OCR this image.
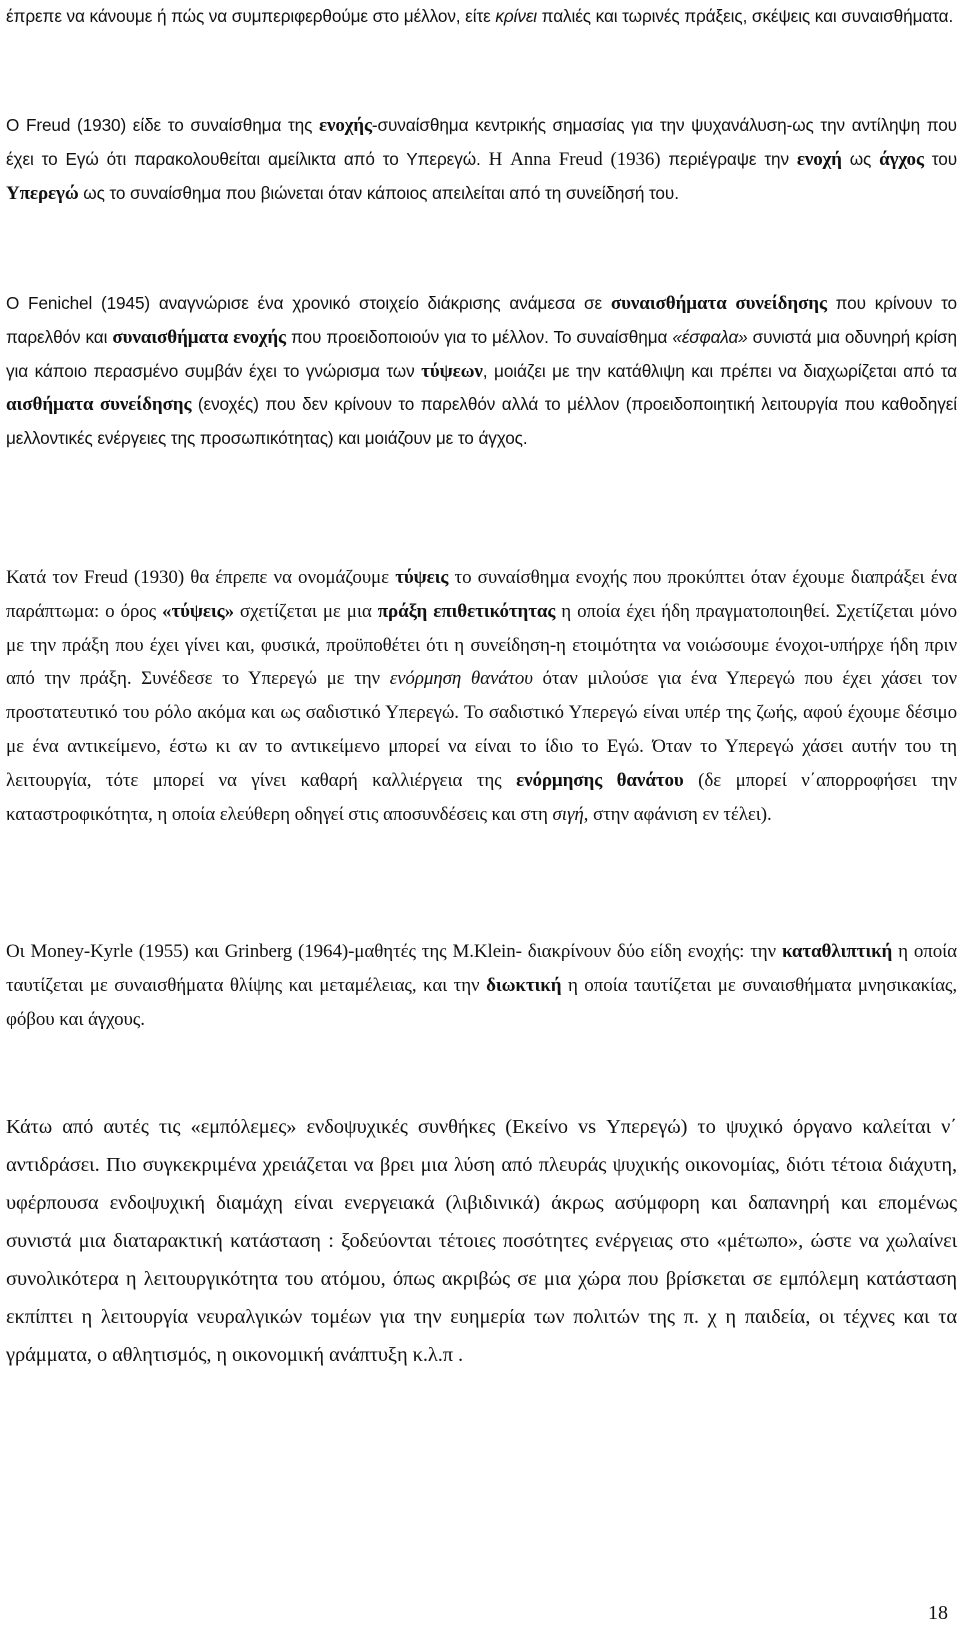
έπρεπε να κάνουμε ή πώς να συμπεριφερθούμε στο μέλλον, είτε κρίνει παλιές και τωρινές πράξεις, σκέψεις και συναισθήματα.

Ο Freud (1930) είδε το συναίσθημα της ενοχής-συναίσθημα κεντρικής σημασίας για την ψυχανάλυση-ως την αντίληψη που έχει το Εγώ ότι παρακολουθείται αμείλικτα από το Υπερεγώ. Η Anna Freud (1936) περιέγραψε την ενοχή ως άγχος του Υπερεγώ ως το συναίσθημα που βιώνεται όταν κάποιος απειλείται από τη συνείδησή του.

Ο Fenichel (1945) αναγνώρισε ένα χρονικό στοιχείο διάκρισης ανάμεσα σε συναισθήματα συνείδησης που κρίνουν το παρελθόν και συναισθήματα ενοχής που προειδοποιούν για το μέλλον. Το συναίσθημα «έσφαλα» συνιστά μια οδυνηρή κρίση για κάποιο περασμένο συμβάν έχει το γνώρισμα των τύψεων, μοιάζει με την κατάθλιψη και πρέπει να διαχωρίζεται από τα αισθήματα συνείδησης (ενοχές) που δεν κρίνουν το παρελθόν αλλά το μέλλον (προειδοποιητική λειτουργία που καθοδηγεί μελλοντικές ενέργειες της προσωπικότητας) και μοιάζουν με το άγχος.

Κατά τον Freud (1930) θα έπρεπε να ονομάζουμε τύψεις το συναίσθημα ενοχής που προκύπτει όταν έχουμε διαπράξει ένα παράπτωμα: ο όρος «τύψεις» σχετίζεται με μια πράξη επιθετικότητας η οποία έχει ήδη πραγματοποιηθεί. Σχετίζεται μόνο με την πράξη που έχει γίνει και, φυσικά, προϋποθέτει ότι η συνείδηση-η ετοιμότητα να νοιώσουμε ένοχοι-υπήρχε ήδη πριν από την πράξη. Συνέδεσε το Υπερεγώ με την ενόρμηση θανάτου όταν μιλούσε για ένα Υπερεγώ που έχει χάσει τον προστατευτικό του ρόλο ακόμα και ως σαδιστικό Υπερεγώ. Το σαδιστικό Υπερεγώ είναι υπέρ της ζωής, αφού έχουμε δέσιμο με ένα αντικείμενο, έστω κι αν το αντικείμενο μπορεί να είναι το ίδιο το Εγώ. Όταν το Υπερεγώ χάσει αυτήν του τη λειτουργία, τότε μπορεί να γίνει καθαρή καλλιέργεια της ενόρμησης θανάτου (δε μπορεί ν΄απορροφήσει την καταστροφικότητα, η οποία ελεύθερη οδηγεί στις αποσυνδέσεις και στη σιγή, στην αφάνιση εν τέλει).

Οι Money-Kyrle (1955) και Grinberg (1964)-μαθητές της M.Klein- διακρίνουν δύο είδη ενοχής: την καταθλιπτική η οποία ταυτίζεται με συναισθήματα θλίψης και μεταμέλειας, και την διωκτική η οποία ταυτίζεται με συναισθήματα μνησικακίας, φόβου και άγχους.

Κάτω από αυτές τις «εμπόλεμες» ενδοψυχικές συνθήκες (Εκείνο vs Υπερεγώ) το ψυχικό όργανο καλείται ν΄ αντιδράσει. Πιο συγκεκριμένα χρειάζεται να βρει μια λύση από πλευράς ψυχικής οικονομίας, διότι τέτοια διάχυτη, υφέρπουσα ενδοψυχική διαμάχη είναι ενεργειακά (λιβιδινικά) άκρως ασύμφορη και δαπανηρή και επομένως συνιστά μια διαταρακτική κατάσταση : ξοδεύονται τέτοιες ποσότητες ενέργειας στο «μέτωπο», ώστε να χωλαίνει συνολικότερα η λειτουργικότητα του ατόμου, όπως ακριβώς σε μια χώρα που βρίσκεται σε εμπόλεμη κατάσταση εκπίπτει η λειτουργία νευραλγικών τομέων για την ευημερία των πολιτών της π. χ η παιδεία, οι τέχνες και τα γράμματα, ο αθλητισμός, η οικονομική ανάπτυξη κ.λ.π .

18
